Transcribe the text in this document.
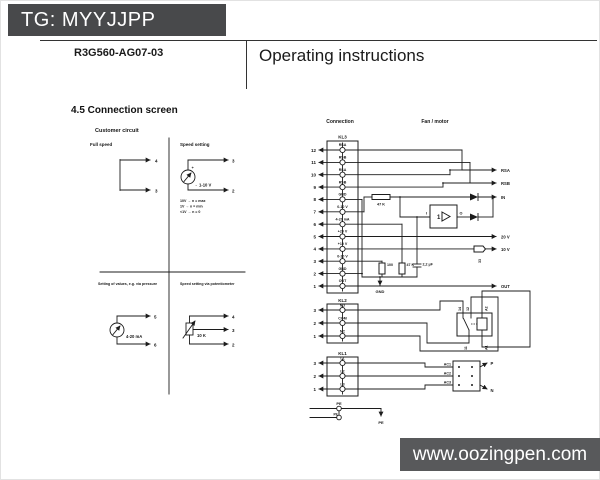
TG: MYYJJPP
R3G560-AG07-03	Operating instructions
4.5 Connection screen
Customer circuit
Full speed
4
3
Speed setting
+
- 1-10 V
3
2
10V → n = max
1V → n = min
<1V → n = 0
Setting of values, e.g. via pressure
4-20 mA
5
6
Speed setting via potentiometer
10 K
4
3
2
Connection	Fan / motor
47 K
1
I	O
100	47 K 2,2 µF
GND
33
RSA
RSB
IN
20 V
10 V
OUT
KL3
12
11
10
9
8
7
6
5
4
3
2
1
RSA
RSB
RSA
RSB
GND
0-10 V
4-20 mA
+20 V
+10 V
0-10 V
GND
OUT
KL2
3
2
1
NO
COM
NC
14 12
11
A2
A1
KL1
3
2
1
L1
L2
L3
AC1
AC2
AC3
P
N
PE
PE
PE
www.oozingpen.com
